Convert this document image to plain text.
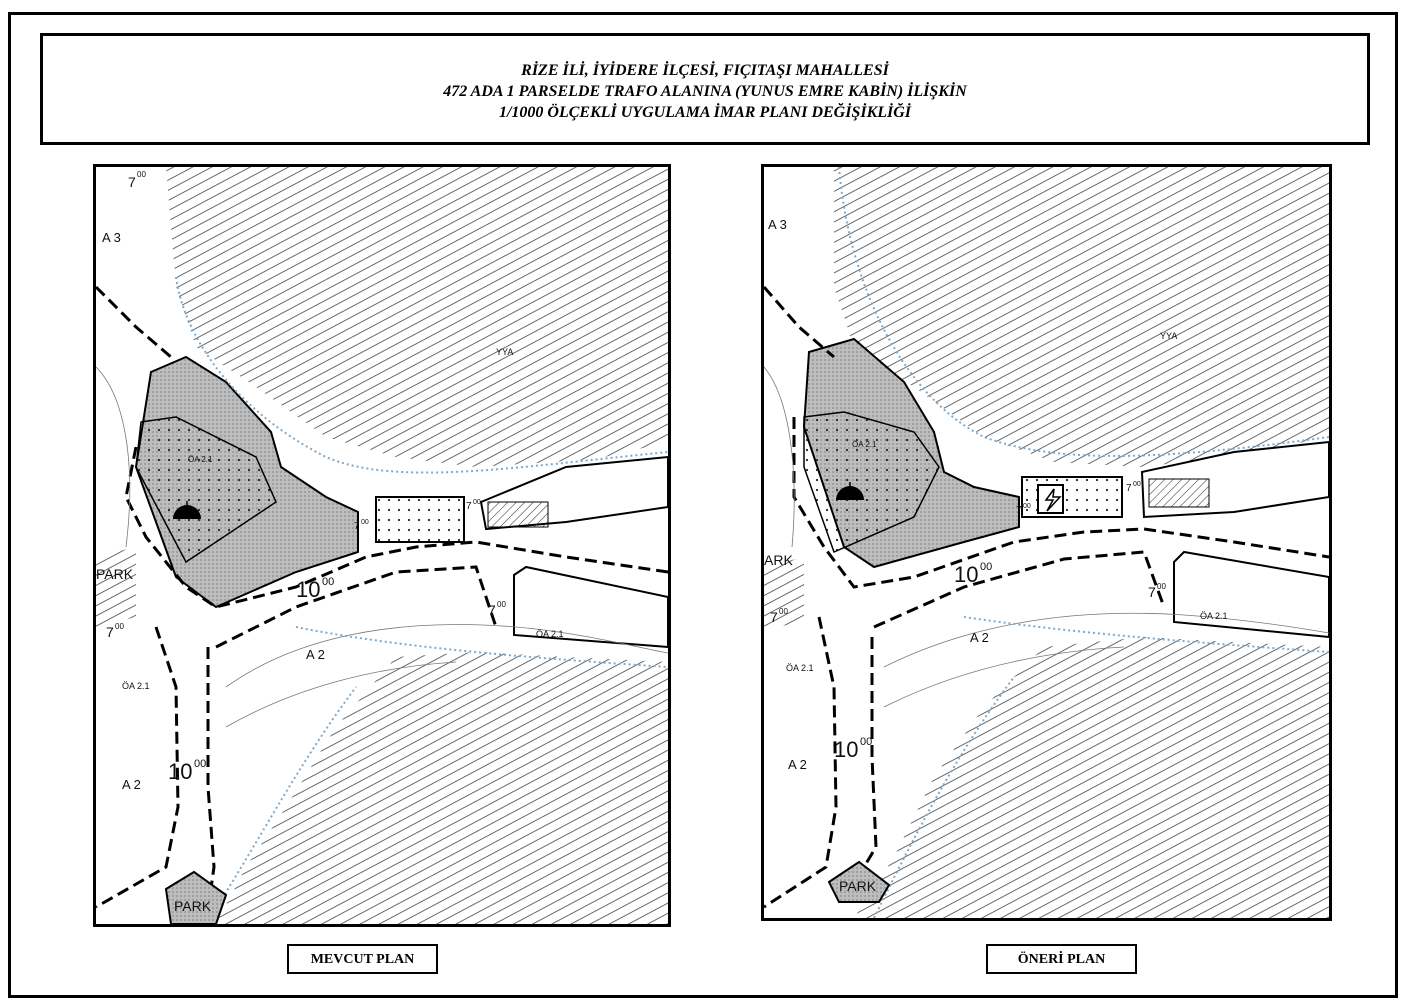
RİZE İLİ, İYİDERE İLÇESİ, FIÇITAŞI MAHALLESİ
472 ADA 1 PARSELDE TRAFO ALANINA (YUNUS EMRE KABİN) İLİŞKİN
1/1000 ÖLÇEKLİ UYGULAMA İMAR PLANI DEĞİŞİKLİĞİ
A 3
YYA
ÖA 2.1
ÖA 2.1
ÖA 2.1
A 2
A 2
PARK
PARK
10 00
10 00
7 00
7 00
7 00
7 00
7 00
A 3
YYA
ÖA 2.1
ÖA 2.1
ÖA 2.1
A 2
A 2
ARK
PARK
10 00
10 00
7 00
7 00
7 00
7 00
MEVCUT PLAN	ÖNERİ PLAN
